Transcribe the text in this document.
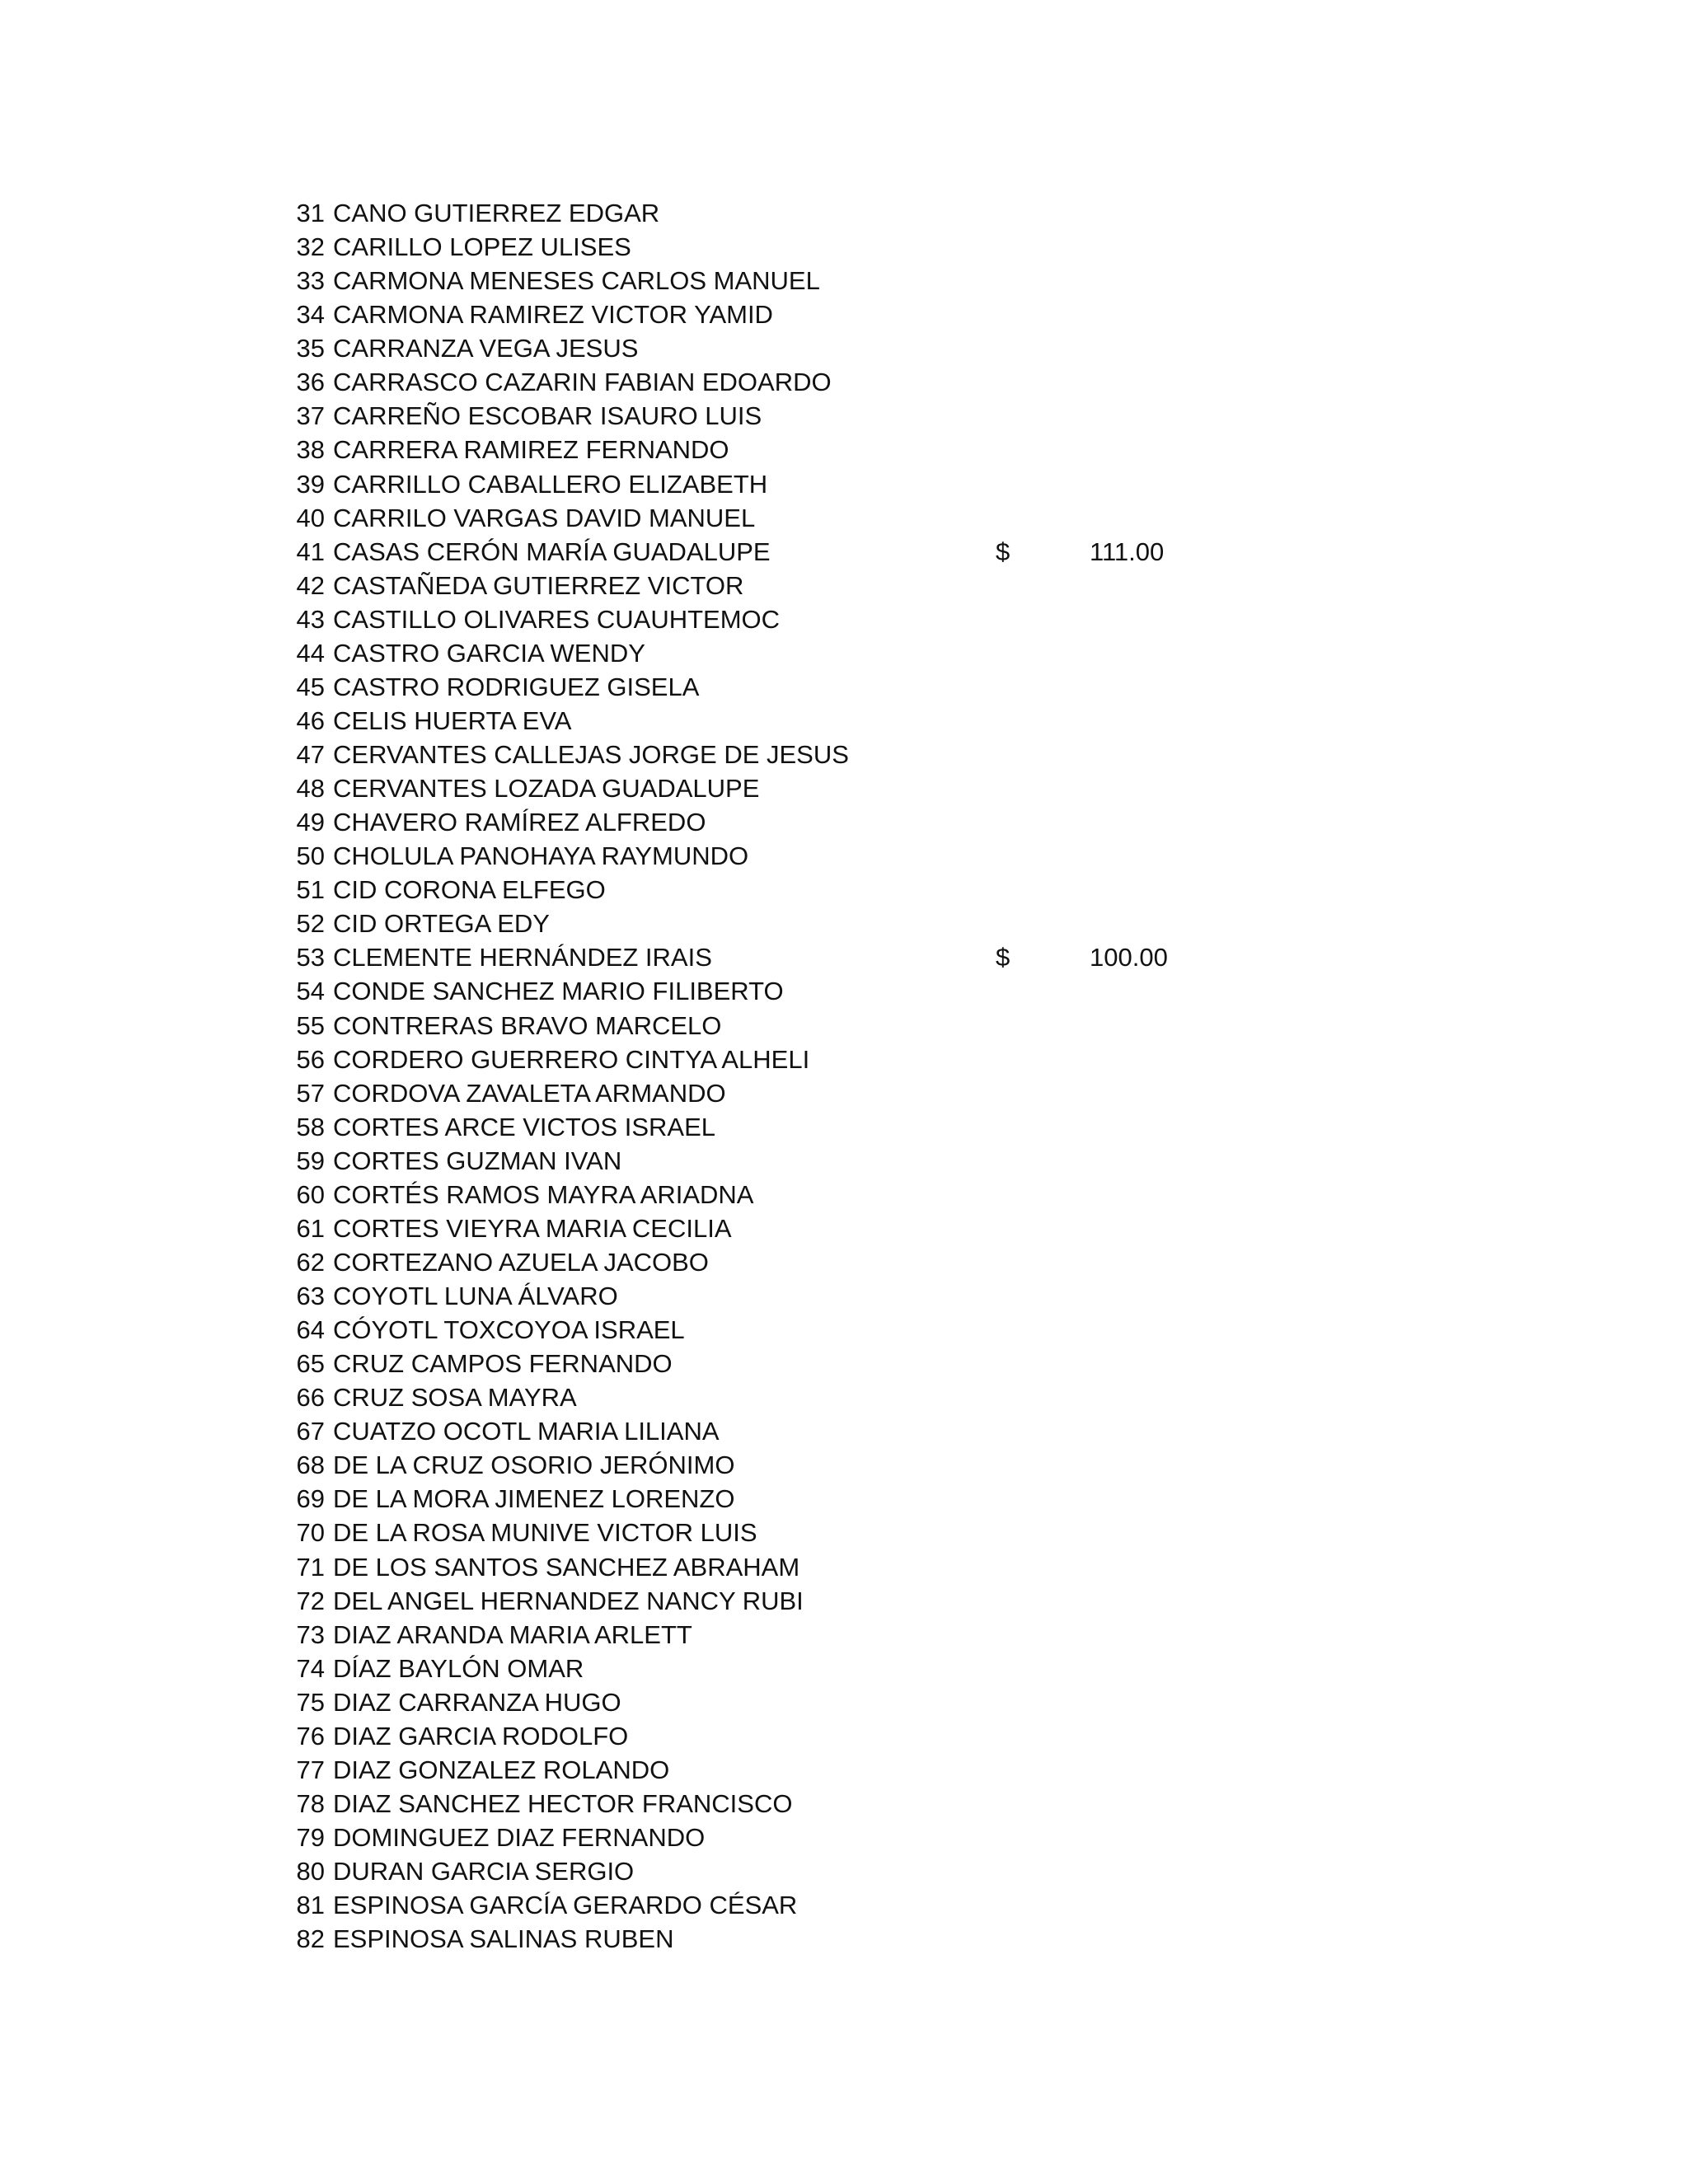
31 CANO GUTIERREZ EDGAR
32 CARILLO LOPEZ ULISES
33 CARMONA MENESES CARLOS MANUEL
34 CARMONA RAMIREZ VICTOR YAMID
35 CARRANZA VEGA JESUS
36 CARRASCO CAZARIN FABIAN EDOARDO
37 CARREÑO ESCOBAR ISAURO LUIS
38 CARRERA RAMIREZ FERNANDO
39 CARRILLO CABALLERO ELIZABETH
40 CARRILO VARGAS DAVID MANUEL
41 CASAS CERÓN MARÍA GUADALUPE	$	111.00
42 CASTAÑEDA GUTIERREZ VICTOR
43 CASTILLO OLIVARES CUAUHTEMOC
44 CASTRO GARCIA WENDY
45 CASTRO RODRIGUEZ GISELA
46 CELIS HUERTA EVA
47 CERVANTES CALLEJAS JORGE DE JESUS
48 CERVANTES LOZADA GUADALUPE
49 CHAVERO RAMÍREZ ALFREDO
50 CHOLULA PANOHAYA RAYMUNDO
51 CID CORONA ELFEGO
52 CID ORTEGA EDY
53 CLEMENTE HERNÁNDEZ IRAIS	$	100.00
54 CONDE SANCHEZ MARIO FILIBERTO
55 CONTRERAS BRAVO MARCELO
56 CORDERO GUERRERO CINTYA ALHELI
57 CORDOVA ZAVALETA ARMANDO
58 CORTES ARCE VICTOS ISRAEL
59 CORTES GUZMAN IVAN
60 CORTÉS RAMOS MAYRA ARIADNA
61 CORTES VIEYRA MARIA CECILIA
62 CORTEZANO AZUELA JACOBO
63 COYOTL LUNA ÁLVARO
64 CÓYOTL TOXCOYOA ISRAEL
65 CRUZ CAMPOS FERNANDO
66 CRUZ SOSA MAYRA
67 CUATZO OCOTL MARIA LILIANA
68 DE LA CRUZ OSORIO JERÓNIMO
69 DE LA MORA JIMENEZ LORENZO
70 DE LA ROSA MUNIVE VICTOR LUIS
71 DE LOS SANTOS SANCHEZ ABRAHAM
72 DEL ANGEL HERNANDEZ NANCY RUBI
73 DIAZ ARANDA MARIA ARLETT
74 DÍAZ BAYLÓN OMAR
75 DIAZ CARRANZA HUGO
76 DIAZ GARCIA RODOLFO
77 DIAZ GONZALEZ ROLANDO
78 DIAZ SANCHEZ HECTOR FRANCISCO
79 DOMINGUEZ DIAZ FERNANDO
80 DURAN GARCIA SERGIO
81 ESPINOSA GARCÍA GERARDO CÉSAR
82 ESPINOSA SALINAS RUBEN
